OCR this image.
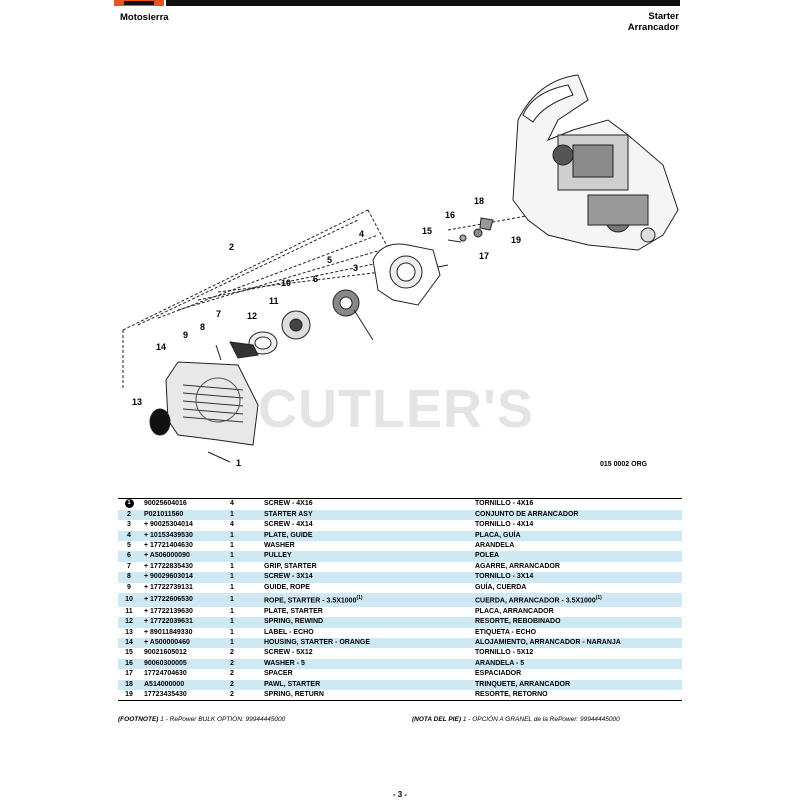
Motosierra	Starter
Arrancador
CUTLER'S
1
2
3
4
5
6
7
8
9
10
11
12
13
14
15
16
17
18
19
015 0002 ORG
1	90025604016	4	SCREW - 4X16	TORNILLO - 4X16
2	P021011560	1	STARTER ASY	CONJUNTO DE ARRANCADOR
3	+ 90025304014	4	SCREW - 4X14	TORNILLO - 4X14
4	+ 10153439530	1	PLATE, GUIDE	PLACA, GUÍA
5	+ 17721404630	1	WASHER	ARANDELA
6	+ A506000090	1	PULLEY	POLEA
7	+ 17722835430	1	GRIP, STARTER	AGARRE, ARRANCADOR
8	+ 90029603014	1	SCREW - 3X14	TORNILLO - 3X14
9	+ 17722739131	1	GUIDE, ROPE	GUÍA, CUERDA
10	+ 17722606530	1	ROPE, STARTER - 3.5X1000$^{(1)}$	CUERDA, ARRANCADOR - 3.5X1000$^{(1)}$
11	+ 17722139630	1	PLATE, STARTER	PLACA, ARRANCADOR
12	+ 17722039631	1	SPRING, REWIND	RESORTE, REBOBINADO
13	+ 89011849330	1	LABEL - ECHO	ETIQUETA - ECHO
14	+ A500000460	1	HOUSING, STARTER - ORANGE	ALOJAMIENTO, ARRANCADOR - NARANJA
15	90021605012	2	SCREW - 5X12	TORNILLO - 5X12
16	90060300005	2	WASHER - 5	ARANDELA - 5
17	17724704630	2	SPACER	ESPACIADOR
18	A514000000	2	PAWL, STARTER	TRINQUETE, ARRANCADOR
19	17723435430	2	SPRING, RETURN	RESORTE, RETORNO
(FOOTNOTE) 1 - RePower BULK OPTION: 99944445000	(NOTA DEL PIE) 1 - OPCIÓN A GRANEL de la RePower: 99944445000
- 3 -
